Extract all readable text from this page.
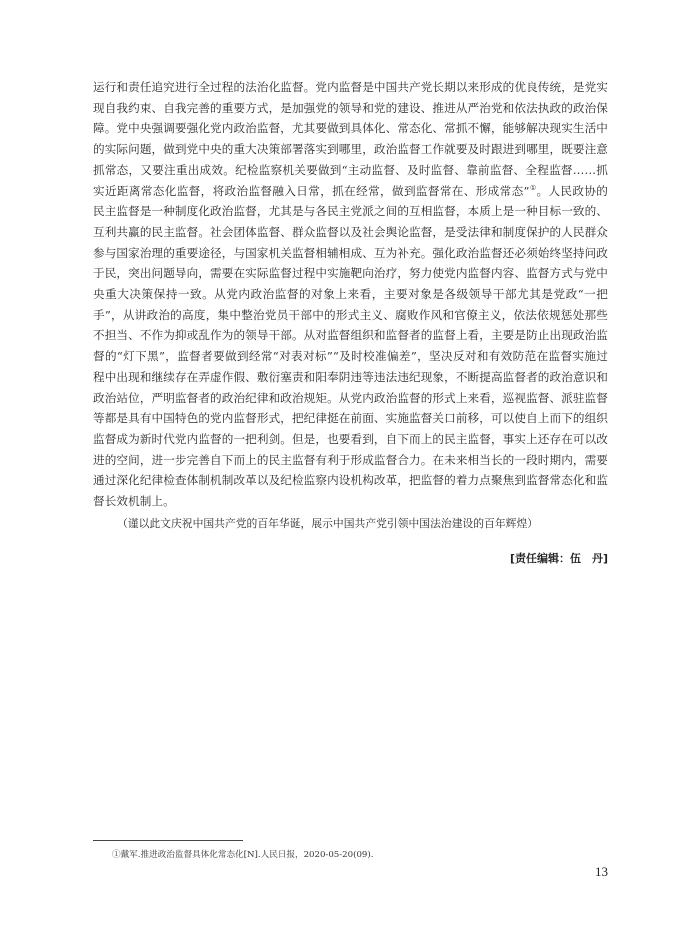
运行和责任追究进行全过程的法治化监督。党内监督是中国共产党长期以来形成的优良传统，是党实现自我约束、自我完善的重要方式，是加强党的领导和党的建设、推进从严治党和依法执政的政治保障。党中央强调要强化党内政治监督，尤其要做到具体化、常态化、常抓不懈，能够解决现实生活中的实际问题，做到党中央的重大决策部署落实到哪里，政治监督工作就要及时跟进到哪里，既要注意抓常态，又要注重出成效。纪检监察机关要做到“主动监督、及时监督、靠前监督、全程监督……抓实近距离常态化监督，将政治监督融入日常，抓在经常，做到监督常在、形成常态”①。人民政协的民主监督是一种制度化政治监督，尤其是与各民主党派之间的互相监督，本质上是一种目标一致的、互利共赢的民主监督。社会团体监督、群众监督以及社会舆论监督，是受法律和制度保护的人民群众参与国家治理的重要途径，与国家机关监督相辅相成、互为补充。强化政治监督还必须始终坚持问政于民，突出问题导向，需要在实际监督过程中实施靶向治疗，努力使党内监督内容、监督方式与党中央重大决策保持一致。从党内政治监督的对象上来看，主要对象是各级领导干部尤其是党政“一把手”，从讲政治的高度，集中整治党员干部中的形式主义、腐败作风和官僚主义，依法依规惩处那些不担当、不作为抑或乱作为的领导干部。从对监督组织和监督者的监督上看，主要是防止出现政治监督的“灯下黑”，监督者要做到经常“对表对标”“及时校准偏差”，坚决反对和有效防范在监督实施过程中出现和继续存在弄虚作假、敷衍塞责和阳奉阴违等违法违纪现象，不断提高监督者的政治意识和政治站位，严明监督者的政治纪律和政治规矩。从党内政治监督的形式上来看，巡视监督、派驻监督等都是具有中国特色的党内监督形式，把纪律挺在前面、实施监督关口前移，可以使自上而下的组织监督成为新时代党内监督的一把利剑。但是，也要看到，自下而上的民主监督，事实上还存在可以改进的空间，进一步完善自下而上的民主监督有利于形成监督合力。在未来相当长的一段时期内，需要通过深化纪律检查体制机制改革以及纪检监察内设机构改革，把监督的着力点聚焦到监督常态化和监督长效机制上。

（谨以此文庆祝中国共产党的百年华诞，展示中国共产党引领中国法治建设的百年辉煌）

[责任编辑：伍　丹]
①戴军.推进政治监督具体化常态化[N].人民日报，2020-05-20(09).
13
